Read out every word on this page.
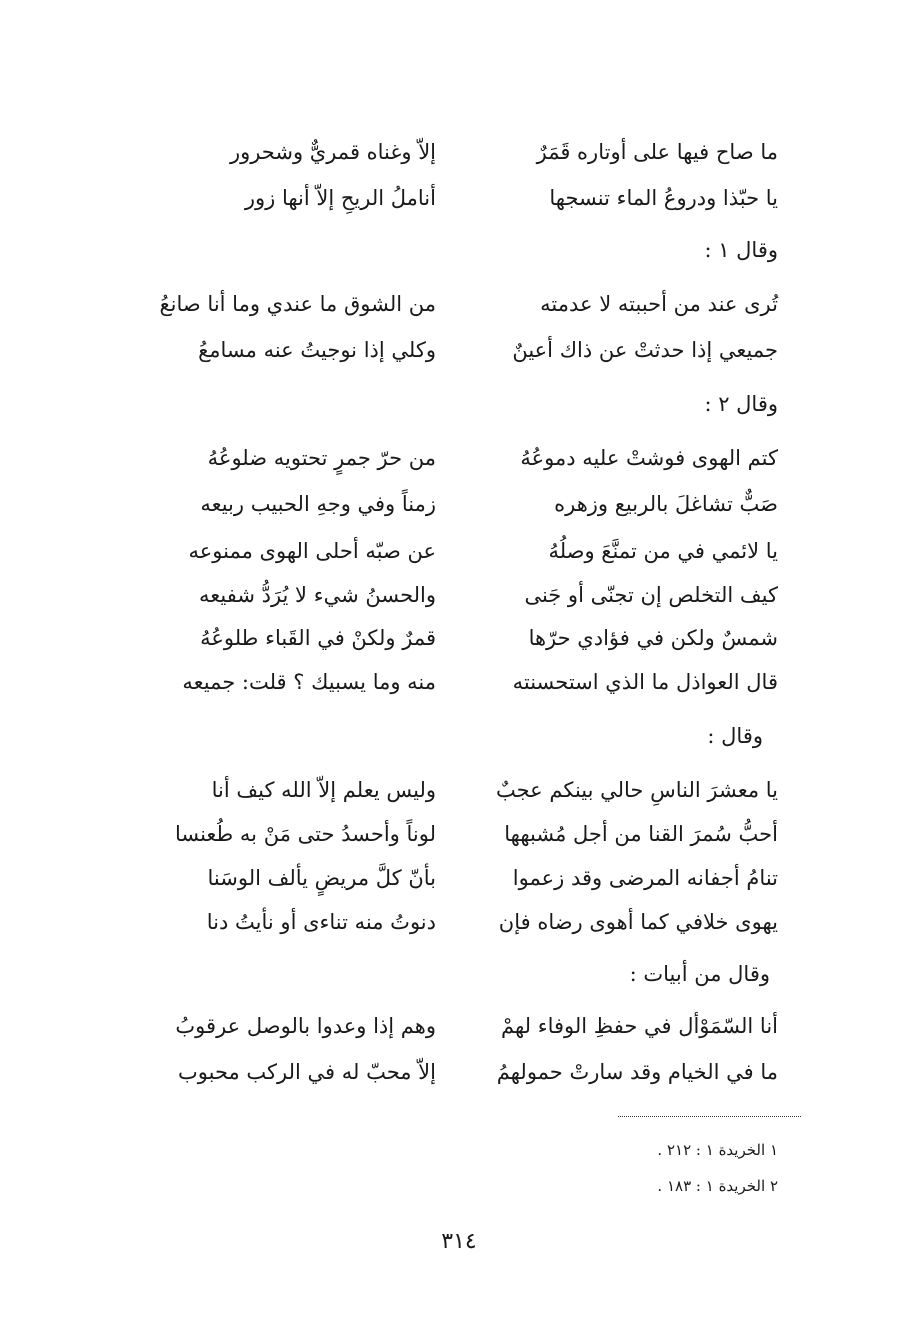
ما صاح فيها على أوتاره قَمَرٌ
إلاّ وغناه قمريٌّ وشحرور
يا حبّذا ودروعُ الماء تنسجها
أناملُ الريحِ إلاّ أنها زور
وقال ١ :
تُرى عند من أحببته لا عدمته
من الشوق ما عندي وما أنا صانعُ
جميعي إذا حدثتْ عن ذاك أعينٌ
وكلي إذا نوجيتُ عنه مسامعُ
وقال ٢ :
كتم الهوى فوشتْ عليه دموعُهُ
من حرّ جمرٍ تحتويه ضلوعُهُ
صَبٌّ تشاغلَ بالربيع وزهره
زمناً وفي وجهِ الحبيب ربيعه
يا لائمي في من تمنَّعَ وصلُهُ
عن صبّه أحلى الهوى ممنوعه
كيف التخلص إن تجنّى أو جَنى
والحسنُ شيء لا يُرَدُّ شفيعه
شمسٌ ولكن في فؤادي حرّها
قمرٌ ولكنْ في القَباء طلوعُهُ
قال العواذل ما الذي استحسنته
منه وما يسبيك ؟ قلت: جميعه
وقال :
يا معشرَ الناسِ حالي بينكم عجبٌ
وليس يعلم إلاّ الله كيف أنا
أحبُّ سُمرَ القنا من أجل مُشبهها
لوناً وأحسدُ حتى مَنْ به طُعنسا
تنامُ أجفانه المرضى وقد زعموا
بأنّ كلَّ مريضٍ يألف الوسَنا
يهوى خلافي كما أهوى رضاه فإن
دنوتُ منه تناءى أو نأيتُ دنا
وقال من أبيات :
أنا السّمَوْأل في حفظِ الوفاء لهمْ
وهم إذا وعدوا بالوصل عرقوبُ
ما في الخيام وقد سارتْ حمولهمُ
إلاّ محبّ له في الركب محبوب
١ الخريدة ١ : ٢١٢ .
٢ الخريدة ١ : ١٨٣ .
٣١٤
